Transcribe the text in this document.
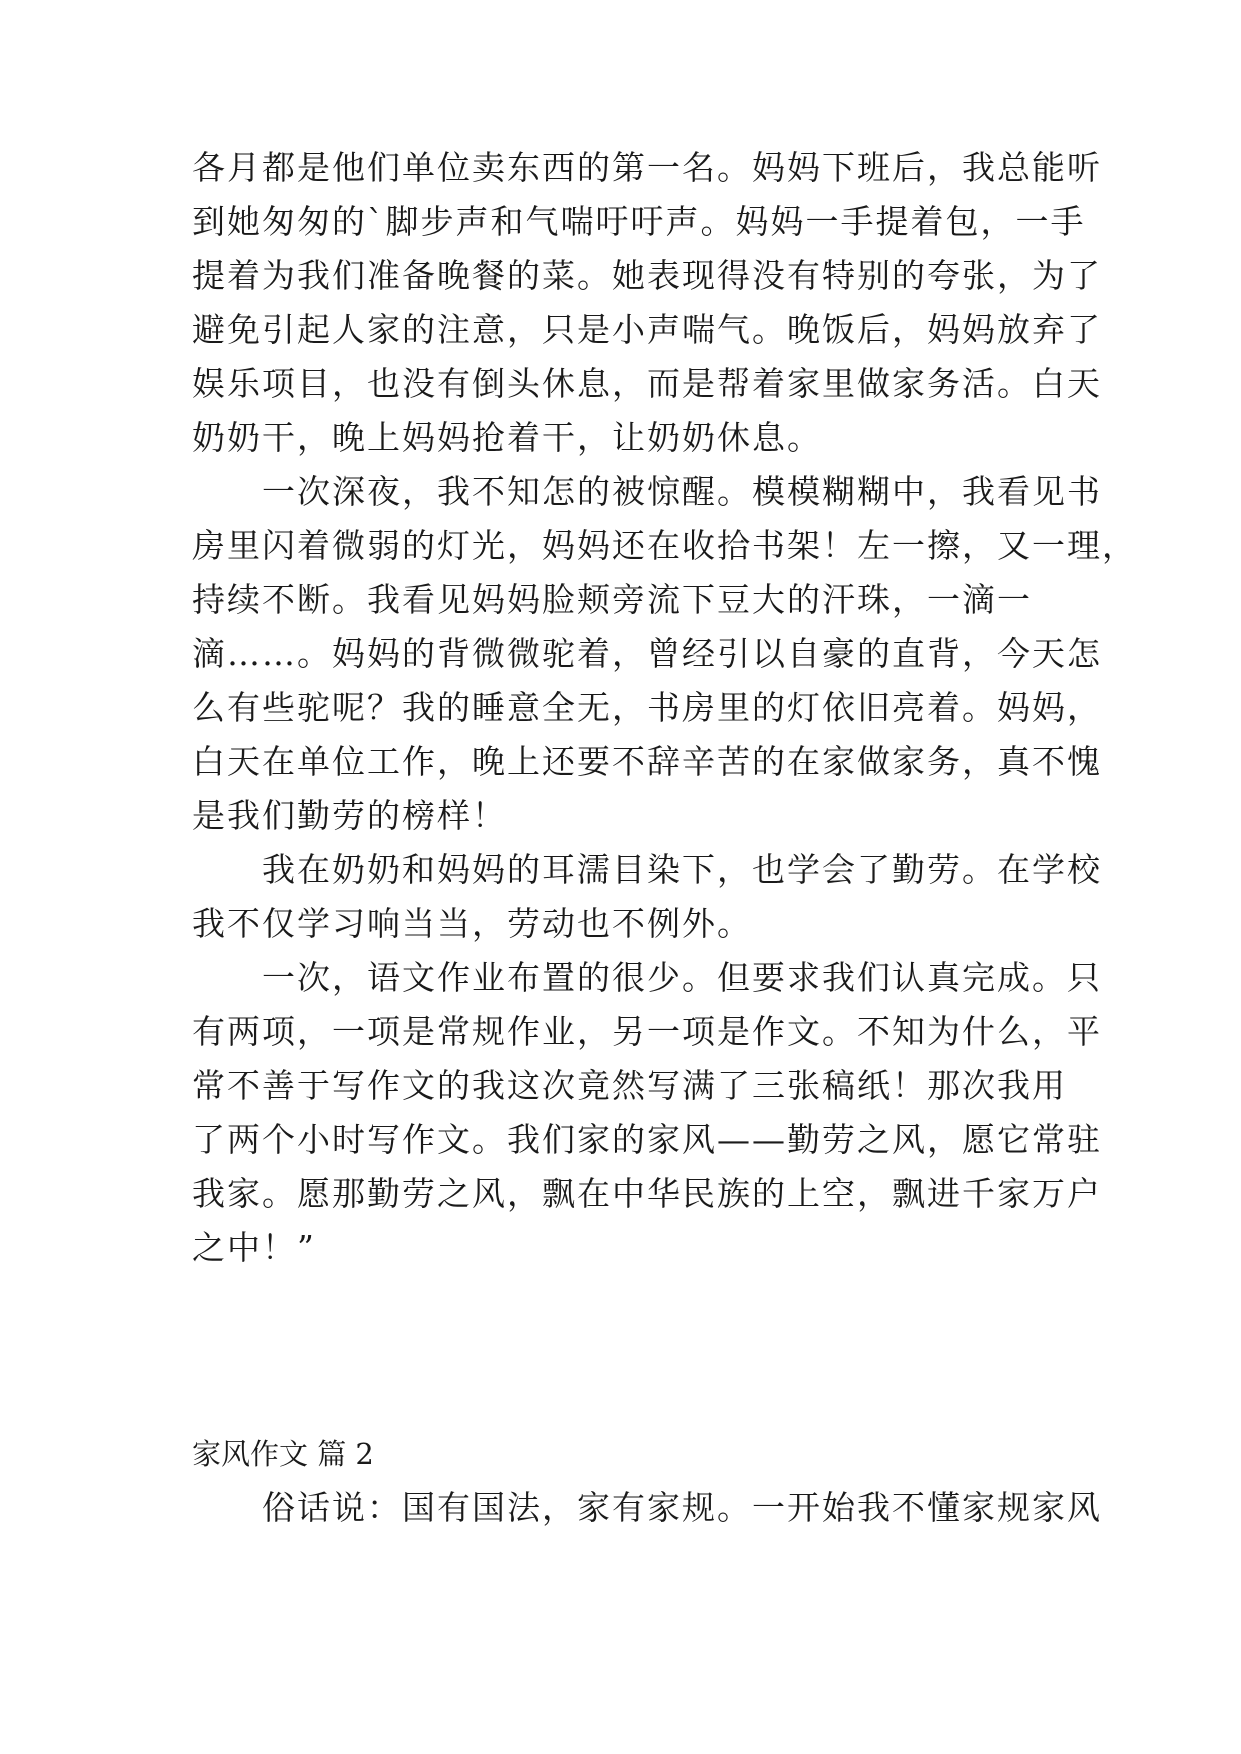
各月都是他们单位卖东西的第一名。妈妈下班后，我总能听
到她匆匆的`脚步声和气喘吁吁声。妈妈一手提着包，一手
提着为我们准备晚餐的菜。她表现得没有特别的夸张，为了
避免引起人家的注意，只是小声喘气。晚饭后，妈妈放弃了
娱乐项目，也没有倒头休息，而是帮着家里做家务活。白天
奶奶干，晚上妈妈抢着干，让奶奶休息。
　　一次深夜，我不知怎的被惊醒。模模糊糊中，我看见书
房里闪着微弱的灯光，妈妈还在收拾书架！左一擦，又一理，
持续不断。我看见妈妈脸颊旁流下豆大的汗珠，一滴一
滴……。妈妈的背微微驼着，曾经引以自豪的直背，今天怎
么有些驼呢？我的睡意全无，书房里的灯依旧亮着。妈妈，
白天在单位工作，晚上还要不辞辛苦的在家做家务，真不愧
是我们勤劳的榜样！
　　我在奶奶和妈妈的耳濡目染下，也学会了勤劳。在学校
我不仅学习响当当，劳动也不例外。
　　一次，语文作业布置的很少。但要求我们认真完成。只
有两项，一项是常规作业，另一项是作文。不知为什么，平
常不善于写作文的我这次竟然写满了三张稿纸！那次我用
了两个小时写作文。我们家的家风——勤劳之风，愿它常驻
我家。愿那勤劳之风，飘在中华民族的上空，飘进千家万户
之中！”
家风作文 篇 2
　　俗话说：国有国法，家有家规。一开始我不懂家规家风
